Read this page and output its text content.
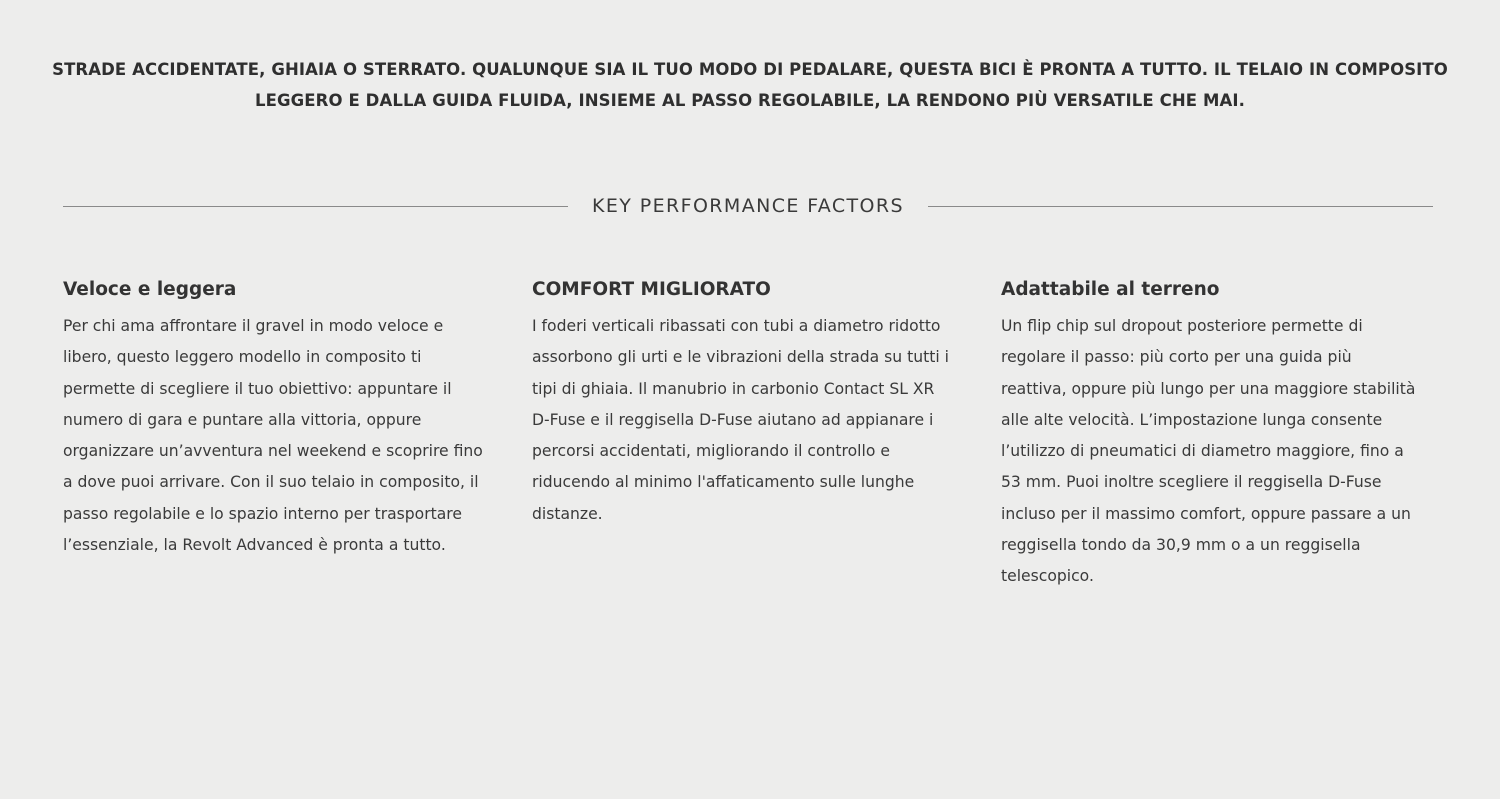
STRADE ACCIDENTATE, GHIAIA O STERRATO. QUALUNQUE SIA IL TUO MODO DI PEDALARE, QUESTA BICI È PRONTA A TUTTO. IL TELAIO IN COMPOSITO LEGGERO E DALLA GUIDA FLUIDA, INSIEME AL PASSO REGOLABILE, LA RENDONO PIÙ VERSATILE CHE MAI.

KEY PERFORMANCE FACTORS
Veloce e leggera

Per chi ama affrontare il gravel in modo veloce e libero, questo leggero modello in composito ti permette di scegliere il tuo obiettivo: appuntare il numero di gara e puntare alla vittoria, oppure organizzare un’avventura nel weekend e scoprire fino a dove puoi arrivare. Con il suo telaio in composito, il passo regolabile e lo spazio interno per trasportare l’essenziale, la Revolt Advanced è pronta a tutto.

COMFORT MIGLIORATO

I foderi verticali ribassati con tubi a diametro ridotto assorbono gli urti e le vibrazioni della strada su tutti i tipi di ghiaia. Il manubrio in carbonio Contact SL XR D-Fuse e il reggisella D-Fuse aiutano ad appianare i percorsi accidentati, migliorando il controllo e riducendo al minimo l'affaticamento sulle lunghe distanze.

Adattabile al terreno

Un flip chip sul dropout posteriore permette di regolare il passo: più corto per una guida più reattiva, oppure più lungo per una maggiore stabilità alle alte velocità. L’impostazione lunga consente l’utilizzo di pneumatici di diametro maggiore, fino a 53 mm. Puoi inoltre scegliere il reggisella D-Fuse incluso per il massimo comfort, oppure passare a un reggisella tondo da 30,9 mm o a un reggisella telescopico.
